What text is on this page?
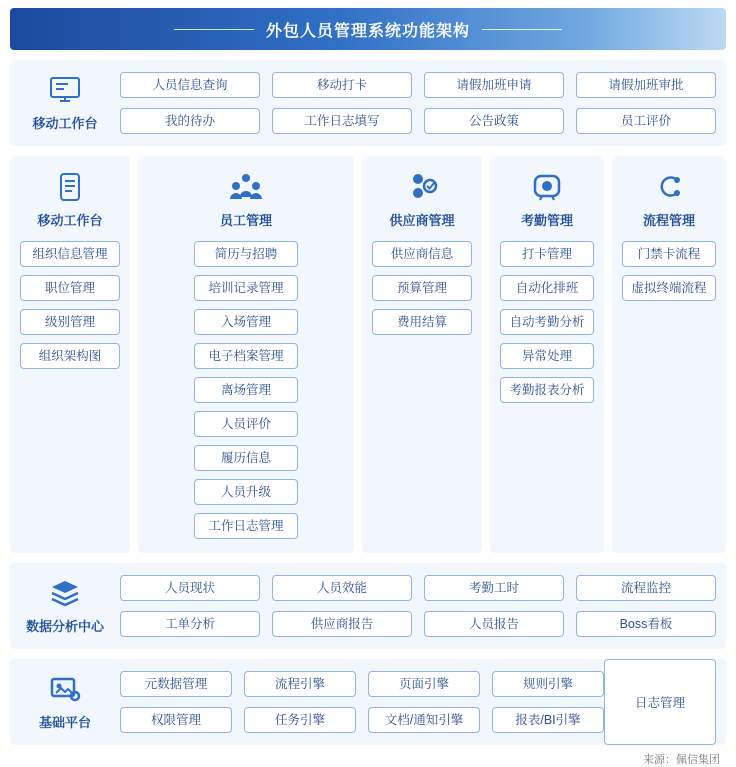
外包人员管理系统功能架构
移动工作台
人员信息查询	移动打卡	请假加班申请	请假加班审批
我的待办	工作日志填写	公告政策	员工评价
移动工作台
组织信息管理
职位管理
级别管理
组织架构图
员工管理
简历与招聘
培训记录管理
入场管理
电子档案管理
离场管理
人员评价
履历信息
人员升级
工作日志管理
供应商管理
供应商信息
预算管理
费用结算
考勤管理
打卡管理
自动化排班
自动考勤分析
异常处理
考勤报表分析
流程管理
门禁卡流程
虚拟终端流程
数据分析中心
人员现状	人员效能	考勤工时	流程监控
工单分析	供应商报告	人员报告	Boss看板
基础平台
元数据管理	流程引擎	页面引擎	规则引擎
权限管理	任务引擎	文档/通知引擎	报表/BI引擎
日志管理
来源：佩信集团
